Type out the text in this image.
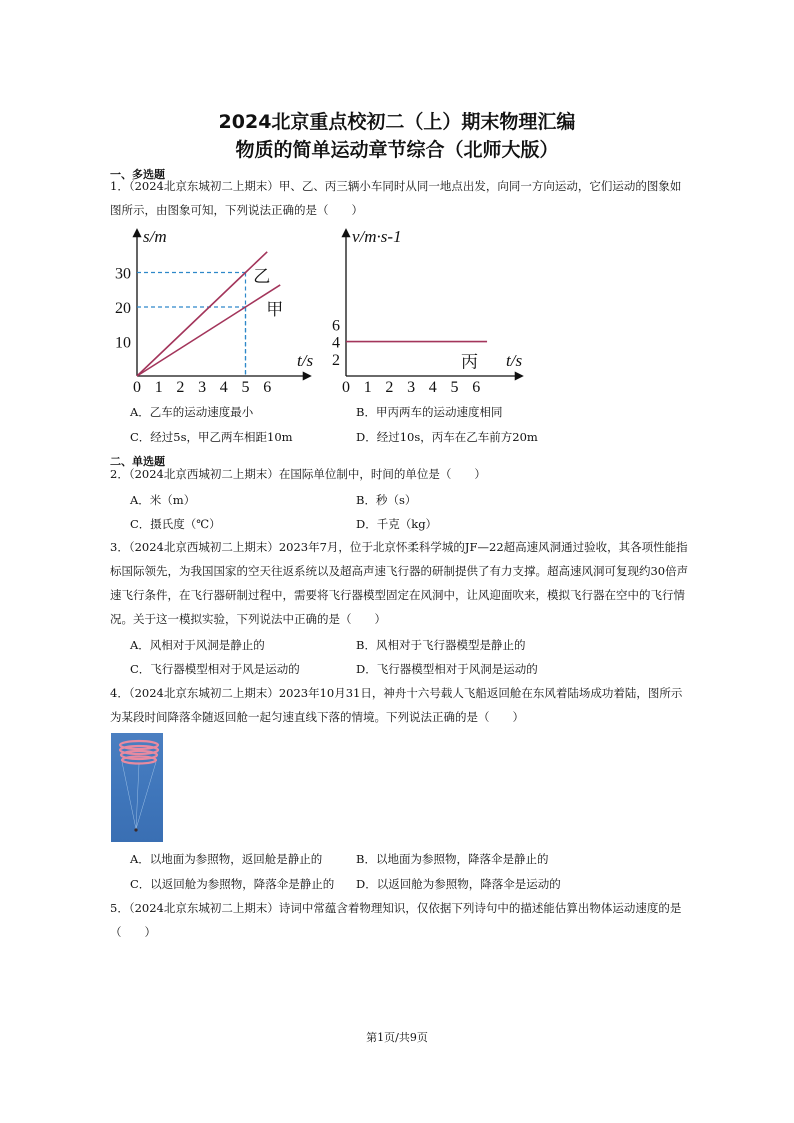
2024北京重点校初二（上）期末物理汇编
物质的简单运动章节综合（北师大版）
一、多选题
1．（2024北京东城初二上期末）甲、乙、丙三辆小车同时从同一地点出发，向同一方向运动，它们运动的图象如图所示，由图象可知，下列说法正确的是（　　）
0 1 2 3 4 5 6
10
20
30
s/m
t/s
乙
甲
0 1 2 3 4 5 6
2
4
6
v/m·s-1
t/s
丙
A．乙车的运动速度最小	B．甲丙两车的运动速度相同
C．经过5s，甲乙两车相距10m	D．经过10s，丙车在乙车前方20m
二、单选题
2．（2024北京西城初二上期末）在国际单位制中，时间的单位是（　　）
A．米（m）	B．秒（s）
C．摄氏度（℃）	D．千克（kg）
3．（2024北京西城初二上期末）2023年7月，位于北京怀柔科学城的JF—22超高速风洞通过验收，其各项性能指标国际领先，为我国国家的空天往返系统以及超高声速飞行器的研制提供了有力支撑。超高速风洞可复现约30倍声速飞行条件，在飞行器研制过程中，需要将飞行器模型固定在风洞中，让风迎面吹来，模拟飞行器在空中的飞行情况。关于这一模拟实验，下列说法中正确的是（　　）
A．风相对于风洞是静止的	B．风相对于飞行器模型是静止的
C．飞行器模型相对于风是运动的	D．飞行器模型相对于风洞是运动的
4．（2024北京东城初二上期末）2023年10月31日，神舟十六号载人飞船返回舱在东风着陆场成功着陆，图所示为某段时间降落伞随返回舱一起匀速直线下落的情境。下列说法正确的是（　　）
A．以地面为参照物，返回舱是静止的	B．以地面为参照物，降落伞是静止的
C．以返回舱为参照物，降落伞是静止的 D．以返回舱为参照物，降落伞是运动的
5．（2024北京东城初二上期末）诗词中常蕴含着物理知识，仅依据下列诗句中的描述能估算出物体运动速度的是（　　）
第1页/共9页
